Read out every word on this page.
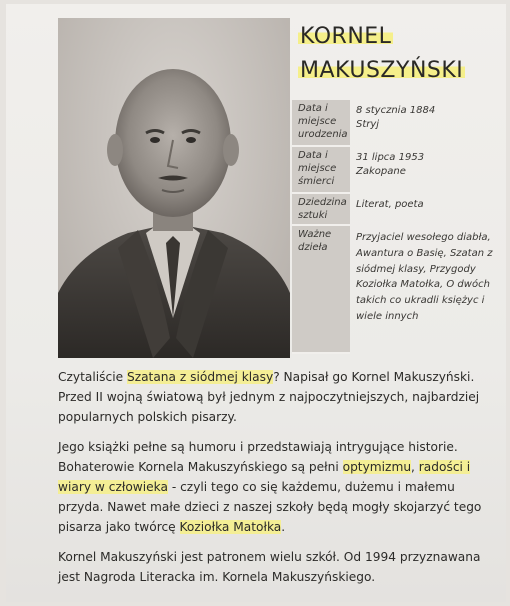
KORNEL
MAKUSZYŃSKI
Data i miejsce urodzenia
8 stycznia 1884
Stryj
Data i miejsce śmierci
31 lipca 1953
Zakopane
Dziedzina sztuki
Literat, poeta
Ważne dzieła
Przyjaciel wesołego diabła, Awantura o Basię, Szatan z siódmej klasy, Przygody Koziołka Matołka, O dwóch takich co ukradli księżyc i wiele innych

Czytaliście Szatana z siódmej klasy? Napisał go Kornel Makuszyński. Przed II wojną światową był jednym z najpoczytniejszych, najbardziej popularnych polskich pisarzy.

Jego książki pełne są humoru i przedstawiają intrygujące historie. Bohaterowie Kornela Makuszyńskiego są pełni optymizmu, radości i wiary w człowieka - czyli tego co się każdemu, dużemu i małemu przyda. Nawet małe dzieci z naszej szkoły będą mogły skojarzyć tego pisarza jako twórcę Koziołka Matołka.

Kornel Makuszyński jest patronem wielu szkół. Od 1994 przyznawana jest Nagroda Literacka im. Kornela Makuszyńskiego.
